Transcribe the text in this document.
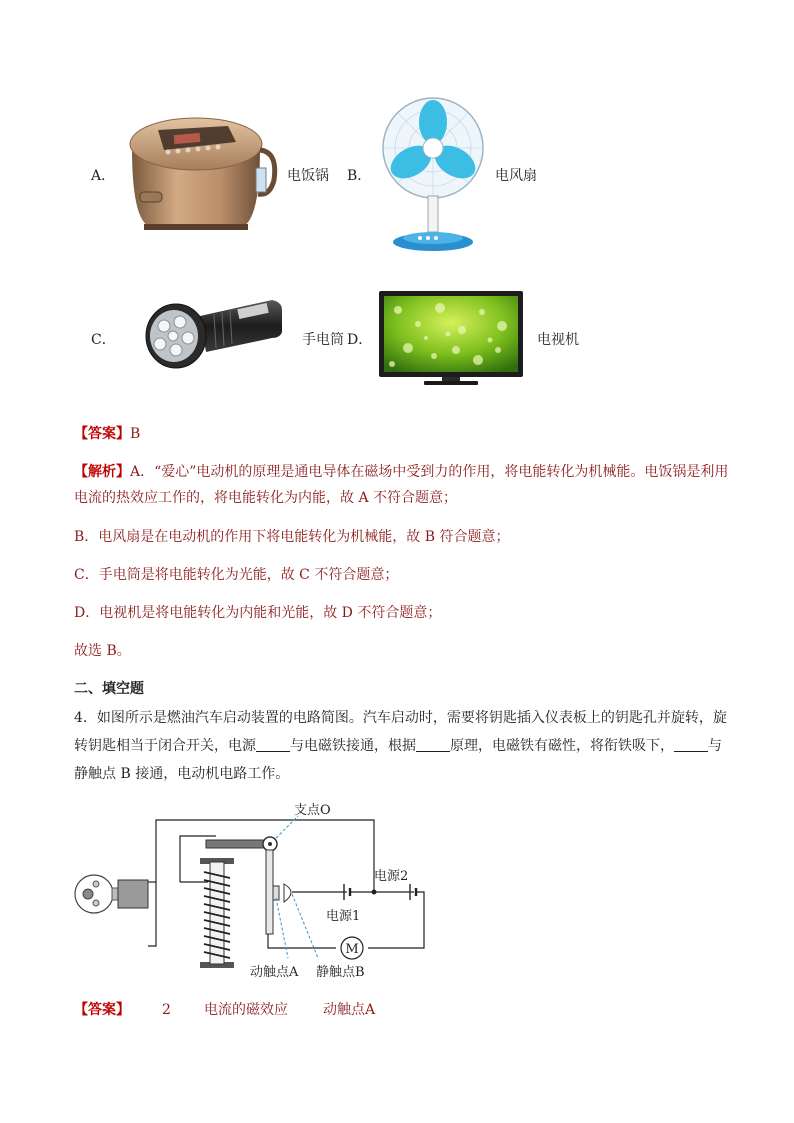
A．	电饭锅 B．	电风扇
C．	手电筒 D．	电视机
【答案】B
【解析】A．“爱心”电动机的原理是通电导体在磁场中受到力的作用，将电能转化为机械能。电饭锅是利用
电流的热效应工作的，将电能转化为内能，故 A 不符合题意；
B．电风扇是在电动机的作用下将电能转化为机械能，故 B 符合题意；
C．手电筒是将电能转化为光能，故 C 不符合题意；
D．电视机是将电能转化为内能和光能，故 D 不符合题意；
故选 B。
二、填空题
4．如图所示是燃油汽车启动装置的电路简图。汽车启动时，需要将钥匙插入仪表板上的钥匙孔并旋转，旋
转钥匙相当于闭合开关，电源 与电磁铁接通，根据 原理，电磁铁有磁性，将衔铁吸下， 与
静触点 B 接通，电动机电路工作。
M
支点O
电源2
电源1
动触点A 静触点B
【答案】 2 电流的磁效应	动触点A
